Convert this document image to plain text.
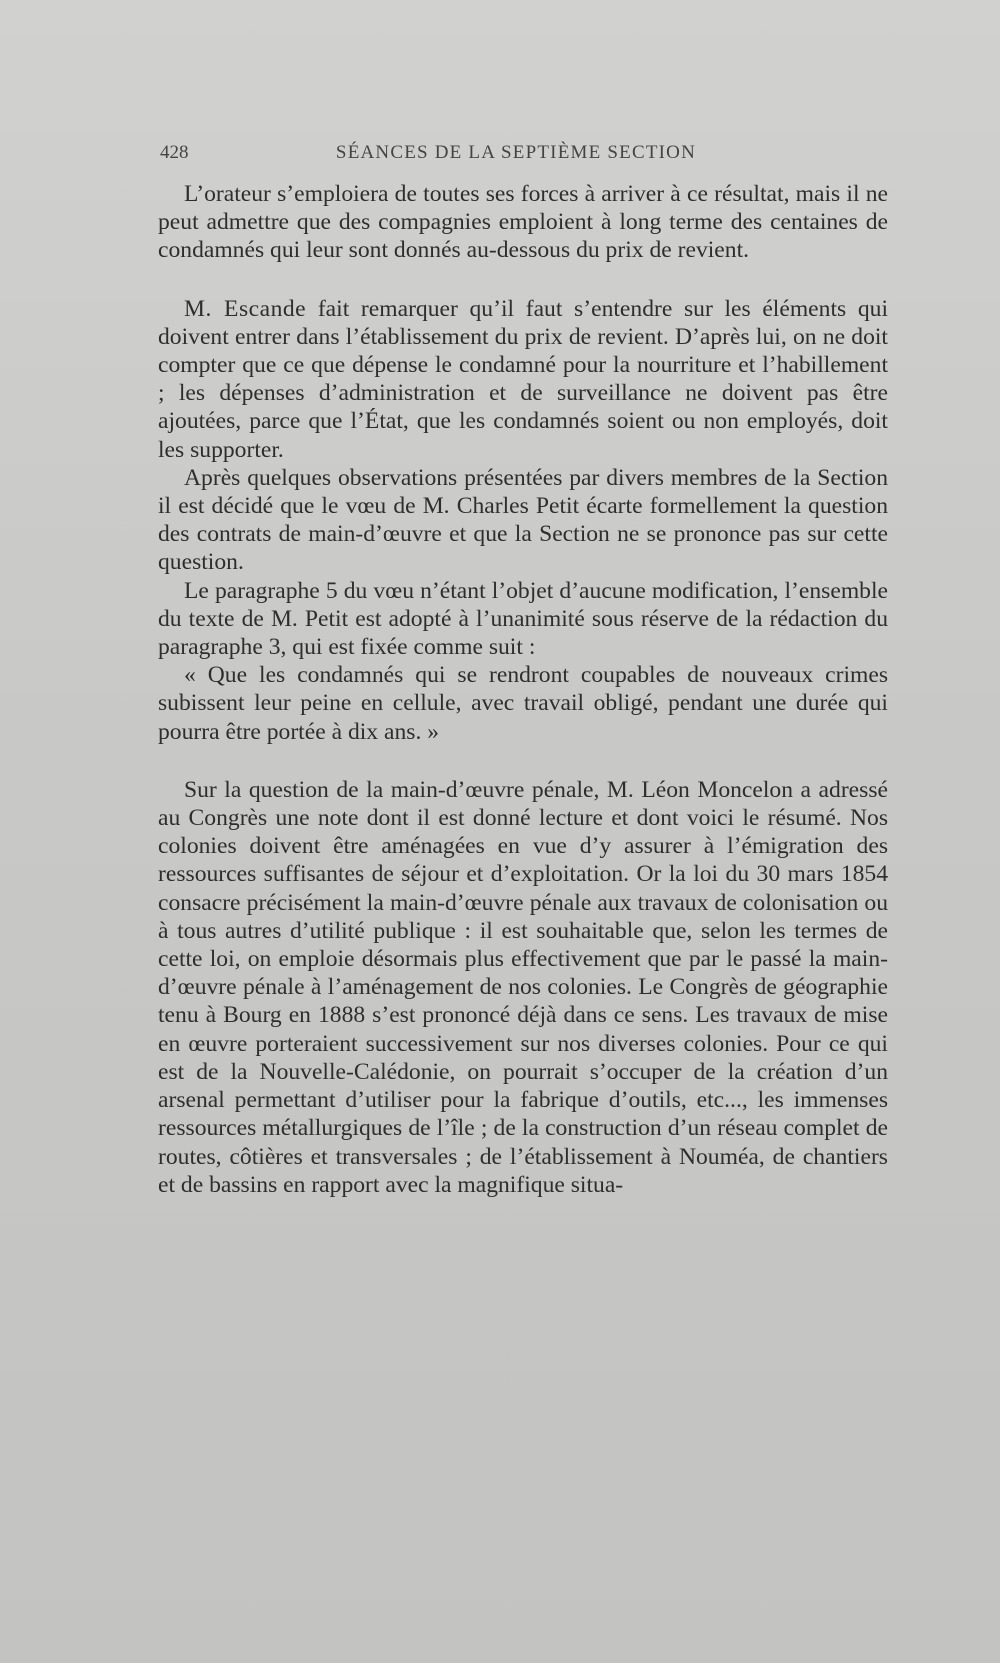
428	SÉANCES DE LA SEPTIÈME SECTION

L’orateur s’emploiera de toutes ses forces à arriver à ce résultat, mais il ne peut admettre que des compagnies emploient à long terme des centaines de condamnés qui leur sont donnés au-dessous du prix de revient.

M. Escande fait remarquer qu’il faut s’entendre sur les éléments qui doivent entrer dans l’établissement du prix de revient. D’après lui, on ne doit compter que ce que dépense le condamné pour la nourriture et l’habillement ; les dépenses d’administration et de surveillance ne doivent pas être ajoutées, parce que l’État, que les condamnés soient ou non employés, doit les supporter.

Après quelques observations présentées par divers membres de la Section il est décidé que le vœu de M. Charles Petit écarte formellement la question des contrats de main-d’œuvre et que la Section ne se prononce pas sur cette question.

Le paragraphe 5 du vœu n’étant l’objet d’aucune modification, l’ensemble du texte de M. Petit est adopté à l’unanimité sous réserve de la rédaction du paragraphe 3, qui est fixée comme suit :

« Que les condamnés qui se rendront coupables de nouveaux crimes subissent leur peine en cellule, avec travail obligé, pendant une durée qui pourra être portée à dix ans. »

Sur la question de la main-d’œuvre pénale, M. Léon Moncelon a adressé au Congrès une note dont il est donné lecture et dont voici le résumé. Nos colonies doivent être aménagées en vue d’y assurer à l’émigration des ressources suffisantes de séjour et d’exploitation. Or la loi du 30 mars 1854 consacre précisément la main-d’œuvre pénale aux travaux de colonisation ou à tous autres d’utilité publique : il est souhaitable que, selon les termes de cette loi, on emploie désormais plus effectivement que par le passé la main-d’œuvre pénale à l’aménagement de nos colonies. Le Congrès de géographie tenu à Bourg en 1888 s’est prononcé déjà dans ce sens. Les travaux de mise en œuvre porteraient successivement sur nos diverses colonies. Pour ce qui est de la Nouvelle-Calédonie, on pourrait s’occuper de la création d’un arsenal permettant d’utiliser pour la fabrique d’outils, etc..., les immenses ressources métallurgiques de l’île ; de la construction d’un réseau complet de routes, côtières et transversales ; de l’établissement à Nouméa, de chantiers et de bassins en rapport avec la magnifique situa-
